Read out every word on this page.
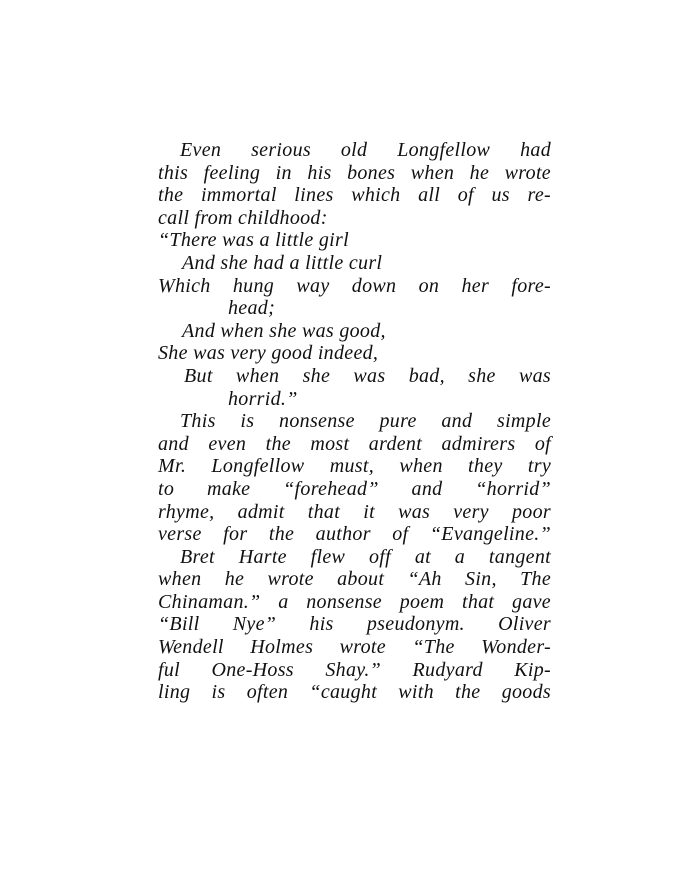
Even serious old Longfellow had
this feeling in his bones when he wrote
the immortal lines which all of us re-
call from childhood:
“There was a little girl
And she had a little curl
Which hung way down on her fore-
head;
And when she was good,
She was very good indeed,
But when she was bad, she was
horrid.”
This is nonsense pure and simple
and even the most ardent admirers of
Mr. Longfellow must, when they try
to make “forehead” and “horrid”
rhyme, admit that it was very poor
verse for the author of “Evangeline.”
Bret Harte flew off at a tangent
when he wrote about “Ah Sin, The
Chinaman.” a nonsense poem that gave
“Bill Nye” his pseudonym. Oliver
Wendell Holmes wrote “The Wonder-
ful One-Hoss Shay.” Rudyard Kip-
ling is often “caught with the goods
